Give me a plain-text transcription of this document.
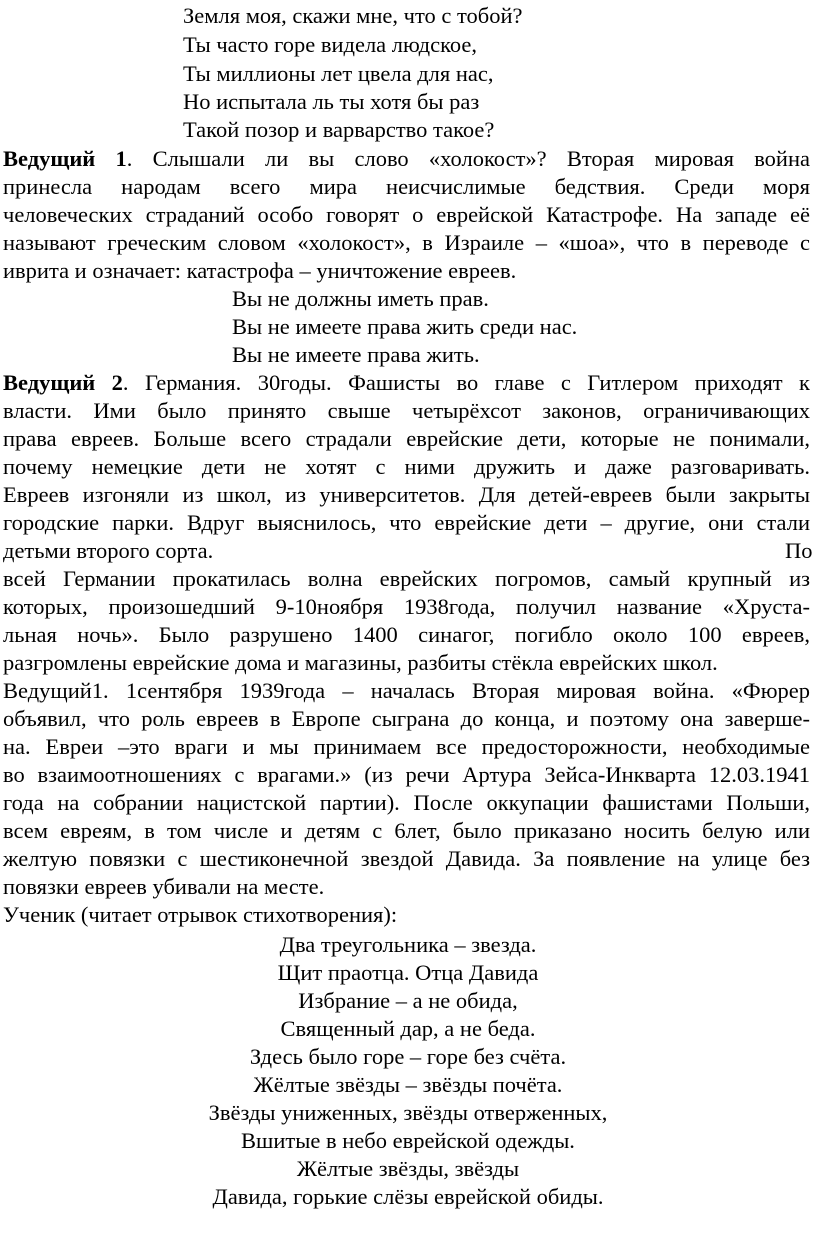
Земля моя, скажи мне, что с тобой?
Ты часто горе видела людское,
Ты миллионы лет цвела для нас,
Но испытала ль ты хотя бы раз
Такой позор и варварство такое?
Ведущий 1. Слышали ли вы слово «холокост»? Вторая мировая война
принесла народам всего мира неисчислимые бедствия. Среди моря
человеческих страданий особо говорят о еврейской Катастрофе. На западе её
называют греческим словом «холокост», в Израиле – «шоа», что в переводе с
иврита и означает: катастрофа – уничтожение евреев.
Вы не должны иметь прав.
Вы не имеете права жить среди нас.
Вы не имеете права жить.
Ведущий 2. Германия. 30годы. Фашисты во главе с Гитлером приходят к
власти. Ими было принято свыше четырёхсот законов, ограничивающих
права евреев. Больше всего страдали еврейские дети, которые не понимали,
почему немецкие дети не хотят с ними дружить и даже разговаривать.
Евреев изгоняли из школ, из университетов. Для детей-евреев были закрыты
городские парки. Вдруг выяснилось, что еврейские дети – другие, они стали
детьми второго сорта.	По
всей Германии прокатилась волна еврейских погромов, самый крупный из
которых, произошедший 9-10ноября 1938года, получил название «Хруста-
льная ночь». Было разрушено 1400 синагог, погибло около 100 евреев,
разгромлены еврейские дома и магазины, разбиты стёкла еврейских школ.
Ведущий1. 1сентября 1939года – началась Вторая мировая война. «Фюрер
объявил, что роль евреев в Европе сыграна до конца, и поэтому она заверше-
на. Евреи –это враги и мы принимаем все предосторожности, необходимые
во взаимоотношениях с врагами.» (из речи Артура Зейса-Инкварта 12.03.1941
года на собрании нацистской партии). После оккупации фашистами Польши,
всем евреям, в том числе и детям с 6лет, было приказано носить белую или
желтую повязки с шестиконечной звездой Давида. За появление на улице без
повязки евреев убивали на месте.
Ученик (читает отрывок стихотворения):
Два треугольника – звезда.
Щит праотца. Отца Давида
Избрание – а не обида,
Священный дар, а не беда.
Здесь было горе – горе без счёта.
Жёлтые звёзды – звёзды почёта.
Звёзды униженных, звёзды отверженных,
Вшитые в небо еврейской одежды.
Жёлтые звёзды, звёзды
Давида, горькие слёзы еврейской обиды.
